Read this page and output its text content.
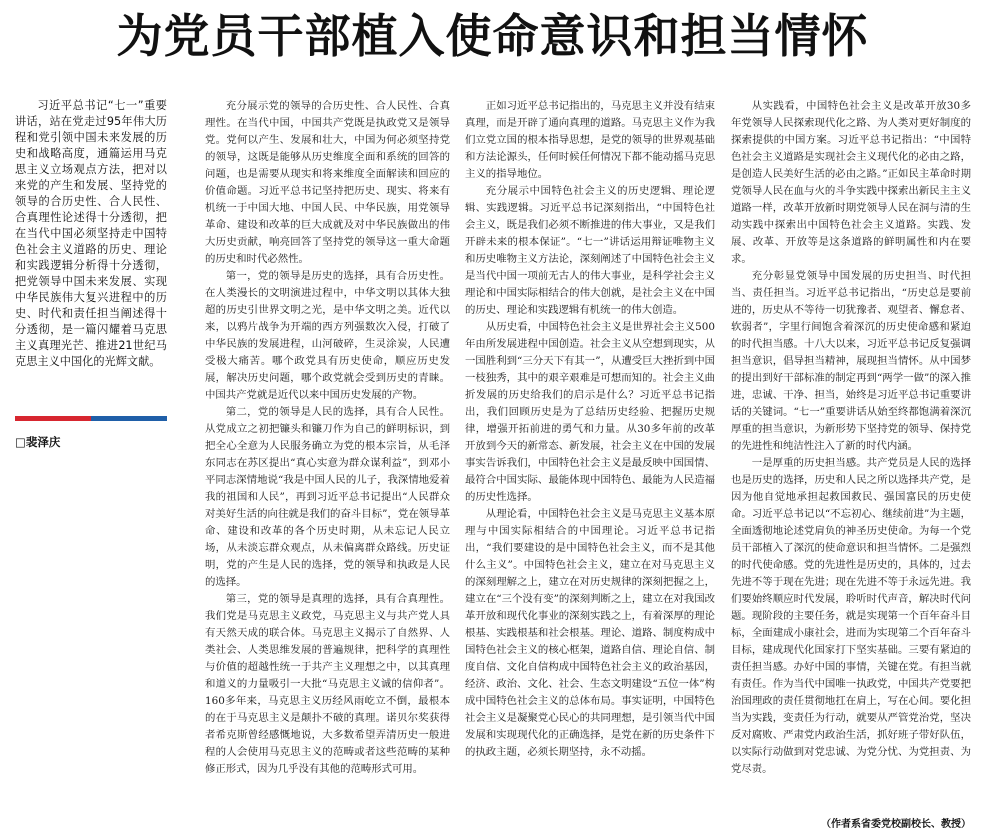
为党员干部植入使命意识和担当情怀

习近平总书记“七一”重要讲话，站在党走过95年伟大历程和党引领中国未来发展的历史和战略高度，通篇运用马克思主义立场观点方法，把对以来党的产生和发展、坚持党的领导的合历史性、合人民性、合真理性论述得十分透彻，把在当代中国必须坚持走中国特色社会主义道路的历史、理论和实践逻辑分析得十分透彻，把党领导中国未来发展、实现中华民族伟大复兴进程中的历史、时代和责任担当阐述得十分透彻，是一篇闪耀着马克思主义真理光芒、推进21世纪马克思主义中国化的光辉文献。

□裴泽庆

充分展示党的领导的合历史性、合人民性、合真理性。在当代中国，中国共产党既是执政党又是领导党。党何以产生、发展和壮大，中国为何必须坚持党的领导，这既是能够从历史维度全面和系统的回答的问题，也是需要从现实和将来维度全面解读和回应的价值命题。习近平总书记坚持把历史、现实、将来有机统一于中国大地、中国人民、中华民族，用党领导革命、建设和改革的巨大成就及对中华民族做出的伟大历史贡献，响亮回答了坚持党的领导这一重大命题的历史和时代必然性。

第一，党的领导是历史的选择，具有合历史性。在人类漫长的文明演进过程中，中华文明以其体大独超的历史引世界文明之光，是中华文明之美。近代以来，以鸦片战争为开端的西方列强数次入侵，打破了中华民族的发展进程，山河破碎，生灵涂炭，人民遭受极大痛苦。哪个政党具有历史使命，顺应历史发展，解决历史问题，哪个政党就会受到历史的青睐。中国共产党就是近代以来中国历史发展的产物。

第二，党的领导是人民的选择，具有合人民性。从党成立之初把镰头和镰刀作为自己的鲜明标识，到把全心全意为人民服务确立为党的根本宗旨，从毛泽东同志在苏区提出“真心实意为群众谋利益”，到邓小平同志深情地说“我是中国人民的儿子，我深情地爱着我的祖国和人民”，再到习近平总书记提出“人民群众对美好生活的向往就是我们的奋斗目标”，党在领导革命、建设和改革的各个历史时期，从未忘记人民立场，从未淡忘群众观点，从未偏离群众路线。历史证明，党的产生是人民的选择，党的领导和执政是人民的选择。

第三，党的领导是真理的选择，具有合真理性。我们党是马克思主义政党，马克思主义与共产党人具有天然天成的联合体。马克思主义揭示了自然界、人类社会、人类思维发展的普遍规律，把科学的真理性与价值的超越性统一于共产主义理想之中，以其真理和道义的力量吸引一大批“马克思主义诚的信仰者”。160多年来，马克思主义历经风雨屹立不倒，最根本的在于马克思主义是颠扑不破的真理。诺贝尔奖获得者希克斯曾经感慨地说，大多数希望弄清历史一般进程的人会使用马克思主义的范畴或者这些范畴的某种修正形式，因为几乎没有其他的范畴形式可用。

正如习近平总书记指出的，马克思主义并没有结束真理，而是开辟了通向真理的道路。马克思主义作为我们立党立国的根本指导思想，是党的领导的世界观基础和方法论源头，任何时候任何情况下都不能动摇马克思主义的指导地位。

充分展示中国特色社会主义的历史逻辑、理论逻辑、实践逻辑。习近平总书记深刻指出，“中国特色社会主义，既是我们必须不断推进的伟大事业，又是我们开辟未来的根本保证”。“七一”讲话运用辩证唯物主义和历史唯物主义方法论，深刻阐述了中国特色社会主义是当代中国一项前无古人的伟大事业，是科学社会主义理论和中国实际相结合的伟大创就，是社会主义在中国的历史、理论和实践逻辑有机统一的伟大创造。

从历史看，中国特色社会主义是世界社会主义500年由所发展进程中国创造。社会主义从空想到现实，从一国胜利到“三分天下有其一”，从遭受巨大挫折到中国一枝独秀，其中的艰辛艰难是可想而知的。社会主义曲折发展的历史给我们的启示是什么？习近平总书记指出，我们回顾历史是为了总结历史经验、把握历史规律，增强开拓前进的勇气和力量。从30多年前的改革开放到今天的新常态、新发展，社会主义在中国的发展事实告诉我们，中国特色社会主义是最反映中国国情、最符合中国实际、最能体现中国特色、最能为人民造福的历史性选择。

从理论看，中国特色社会主义是马克思主义基本原理与中国实际相结合的中国理论。习近平总书记指出，“我们要建设的是中国特色社会主义，而不是其他什么主义”。中国特色社会主义，建立在对马克思主义的深刻理解之上，建立在对历史规律的深刻把握之上，建立在“三个没有变”的深刻判断之上，建立在对我国改革开放和现代化事业的深刻实践之上，有着深厚的理论根基、实践根基和社会根基。理论、道路、制度构成中国特色社会主义的核心框架，道路自信、理论自信、制度自信、文化自信构成中国特色社会主义的政治基因，经济、政治、文化、社会、生态文明建设“五位一体”构成中国特色社会主义的总体布局。事实证明，中国特色社会主义是凝聚党心民心的共同理想，是引领当代中国发展和实现现代化的正确选择，是党在新的历史条件下的执政主题，必须长期坚持，永不动摇。

从实践看，中国特色社会主义是改革开放30多年党领导人民探索现代化之路、为人类对更好制度的探索提供的中国方案。习近平总书记指出：“中国特色社会主义道路是实现社会主义现代化的必由之路，是创造人民美好生活的必由之路。”正如民主革命时期党领导人民在血与火的斗争实践中探索出新民主主义道路一样，改革开放新时期党领导人民在洞与清的生动实践中探索出中国特色社会主义道路。实践、发展、改革、开放等是这条道路的鲜明属性和内在要求。

充分彰显党领导中国发展的历史担当、时代担当、责任担当。习近平总书记指出，“历史总是要前进的，历史从不等待一切犹豫者、观望者、懈怠者、软弱者”，字里行间饱含着深沉的历史使命感和紧迫的时代担当感。十八大以来，习近平总书记反复强调担当意识，倡导担当精神，展现担当情怀。从中国梦的提出到好干部标准的制定再到“两学一做”的深入推进，忠诚、干净、担当，始终是习近平总书记重要讲话的关键词。“七一”重要讲话从始至终都饱满着深沉厚重的担当意识，为新形势下坚持党的领导、保持党的先进性和纯洁性注入了新的时代内涵。

一是厚重的历史担当感。共产党员是人民的选择也是历史的选择，历史和人民之所以选择共产党，是因为他自觉地承担起救国救民、强国富民的历史使命。习近平总书记以“不忘初心、继续前进”为主题，全面透彻地论述党肩负的神圣历史使命。为每一个党员干部植入了深沉的使命意识和担当情怀。二是强烈的时代使命感。党的先进性是历史的，具体的，过去先进不等于现在先进；现在先进不等于永远先进。我们要始终顺应时代发展，聆听时代声音，解决时代问题。现阶段的主要任务，就是实现第一个百年奋斗目标，全面建成小康社会，进而为实现第二个百年奋斗目标，建成现代化国家打下坚实基础。三要有紧迫的责任担当感。办好中国的事情，关键在党。有担当就有责任。作为当代中国唯一执政党，中国共产党要把治国理政的责任贯彻地扛在肩上，写在心间。要化担当为实践，变责任为行动，就要从严管党治党，坚决反对腐败、严肃党内政治生活，抓好班子带好队伍，以实际行动做到对党忠诚、为党分忧、为党担责、为党尽责。

（作者系省委党校副校长、教授）
